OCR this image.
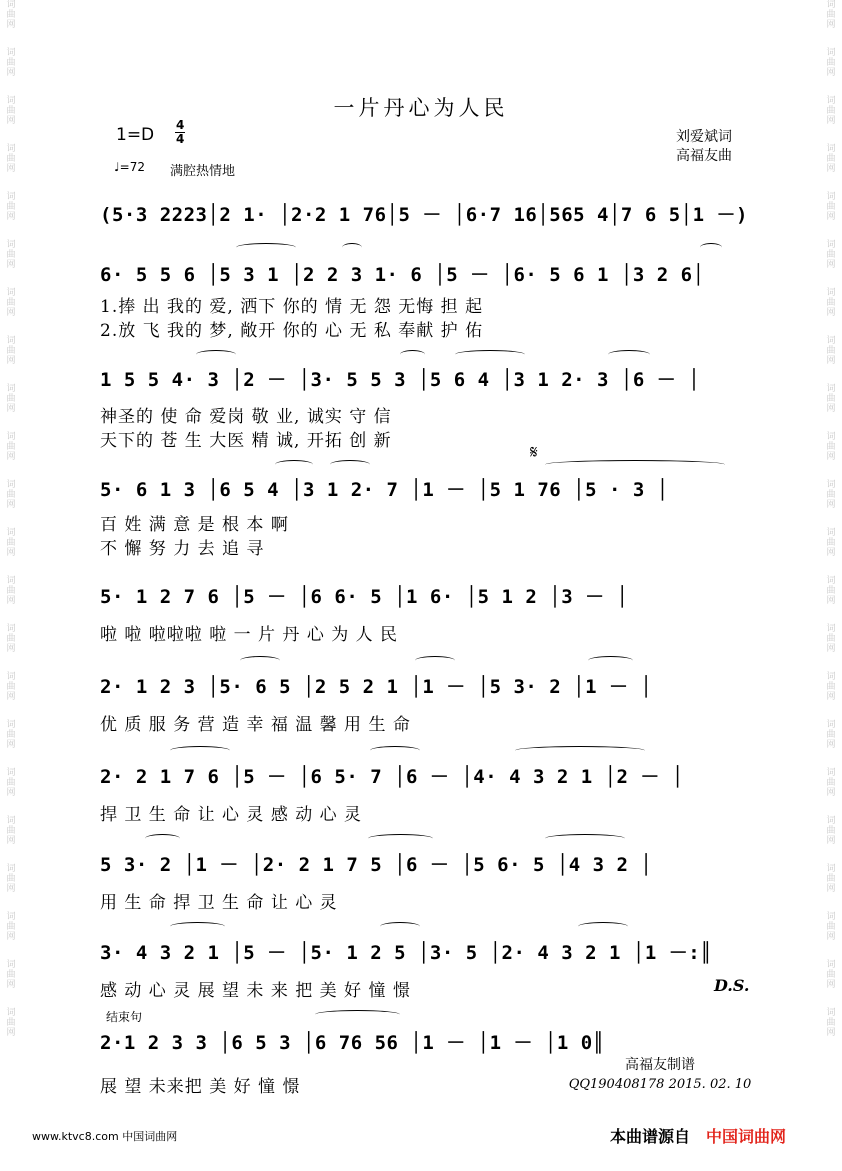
词曲网
词曲网
词曲网
词曲网
词曲网
词曲网
词曲网
词曲网
词曲网
词曲网
词曲网
词曲网
词曲网
词曲网
词曲网
词曲网
词曲网
词曲网
词曲网
词曲网
词曲网
词曲网
词曲网
词曲网
词曲网
词曲网
词曲网
词曲网
词曲网
词曲网
词曲网
词曲网
词曲网
词曲网
词曲网
词曲网
词曲网
词曲网
词曲网
词曲网
词曲网
词曲网
词曲网
词曲网
一片丹心为人民
1=D 4
4
♩=72 满腔热情地
刘爱斌词
高福友曲
(5·3 2223│2 1· │2·2 1 76│5 － │6·7 16│565 4│7 6 5│1 －)
6· 5 5 6 │5 3 1 │2 2 3 1· 6 │5 － │6· 5 6 1 │3 2 6│
1 5 5 4· 3 │2 － │3· 5 5 3 │5 6 4 │3 1 2· 3 │6 － │
5· 6 1 3 │6 5 4 │3 1 2· 7 │1 － │5 1 76 │5 · 3 │
5· 1 2 7 6 │5 － │6 6· 5 │1 6· │5 1 2 │3 － │
2· 1 2 3 │5· 6 5 │2 5 2 1 │1 － │5 3· 2 │1 － │
2· 2 1 7 6 │5 － │6 5· 7 │6 － │4· 4 3 2 1 │2 － │
5 3· 2 │1 － │2· 2 1 7 5 │6 － │5 6· 5 │4 3 2 │
3· 4 3 2 1 │5 － │5· 1 2 5 │3· 5 │2· 4 3 2 1 │1 －:║
2·1 2 3 3 │6 5 3 │6 76 56 │1 － │1 － │1 0║
1.捧 出 我的 爱, 洒下 你的 情 无 怨 无悔 担 起
2.放 飞 我的 梦, 敞开 你的 心 无 私 奉献 护 佑
神圣的 使 命 爱岗 敬 业, 诚实 守 信
天下的 苍 生 大医 精 诚, 开拓 创 新
百 姓 满 意 是 根 本 啊
不 懈 努 力 去 追 寻
啦 啦 啦啦啦 啦 一 片 丹 心 为 人 民
优 质 服 务 营 造 幸 福 温 馨 用 生 命
捍 卫 生 命 让 心 灵 感 动 心 灵
用 生 命 捍 卫 生 命 让 心 灵
感 动 心 灵 展 望 未 来 把 美 好 憧 憬
展 望 未来把 美 好 憧 憬
𝄋
D.S.
结束句
高福友制谱
QQ190408178 2015. 02. 10
www.ktvc8.com 中国词曲网	本曲谱源自 中国词曲网
